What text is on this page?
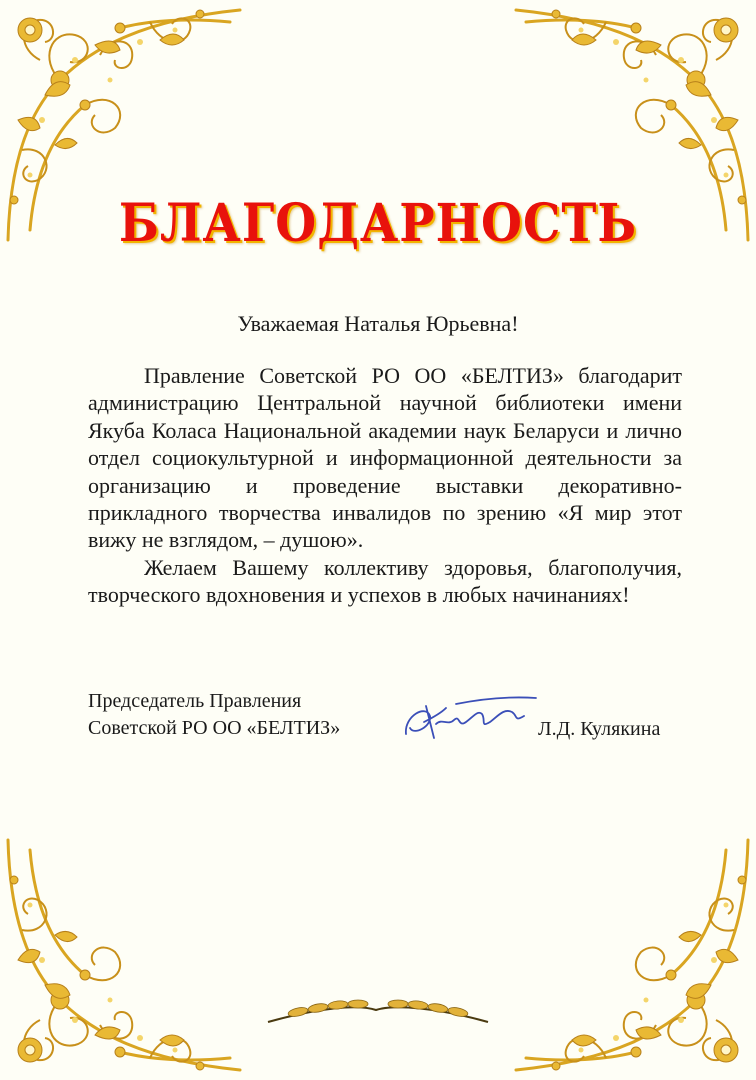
БЛАГОДАРНОСТЬ
Уважаемая Наталья Юрьевна!

Правление Советской РО ОО «БЕЛТИЗ» благодарит администрацию Центральной научной библиотеки имени Якуба Коласа Национальной академии наук Беларуси и лично отдел социокультурной и информационной деятельности за организацию и проведение выставки декоративно-прикладного творчества инвалидов по зрению «Я мир этот вижу не взглядом, – душою».

Желаем Вашему коллективу здоровья, благополучия, творческого вдохновения и успехов в любых начинаниях!

Председатель Правления
Советской РО ОО «БЕЛТИЗ»	Л.Д. Кулякина
